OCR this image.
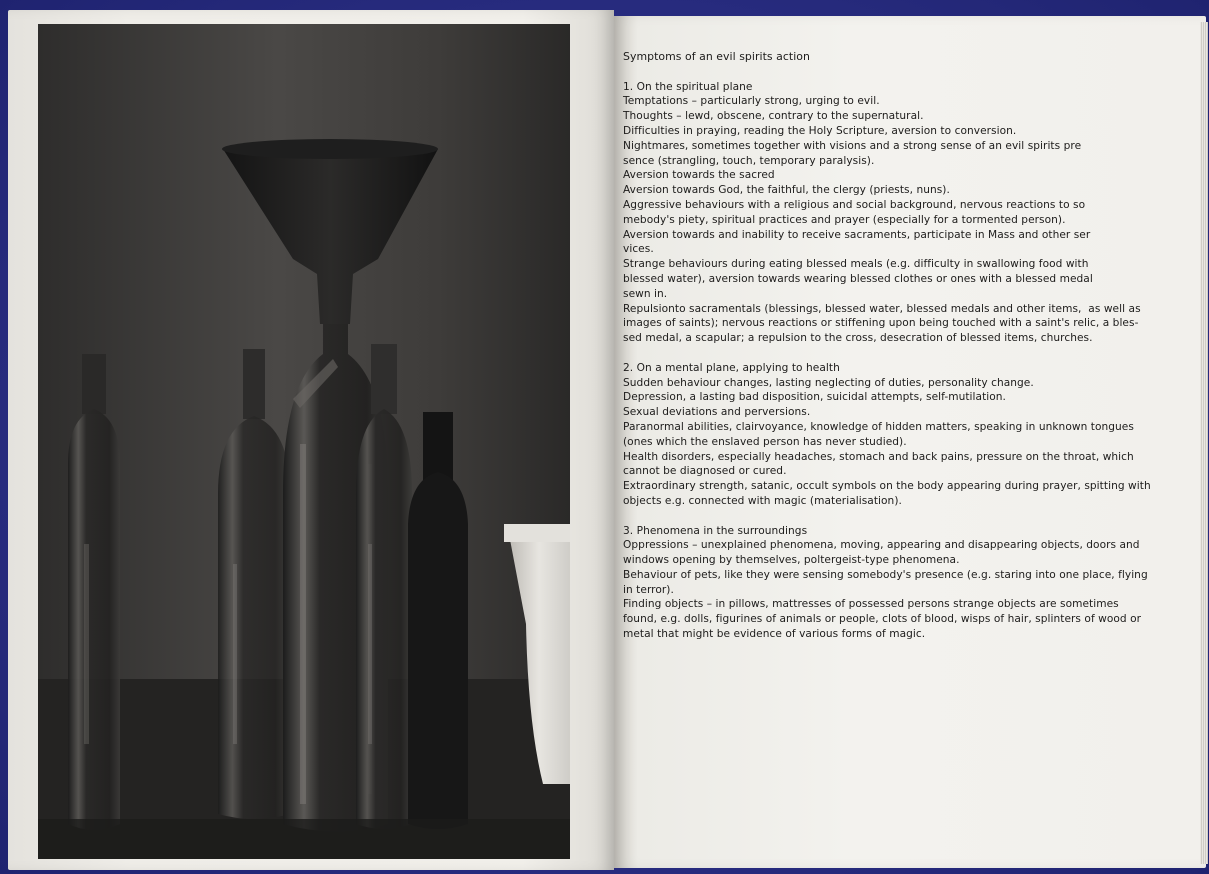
Symptoms of an evil spirits action

1. On the spiritual plane

Temptations – particularly strong, urging to evil.

Thoughts – lewd, obscene, contrary to the supernatural.

Difficulties in praying, reading the Holy Scripture, aversion to conversion.

Nightmares, sometimes together with visions and a strong sense of an evil spirits pre

sence (strangling, touch, temporary paralysis).

Aversion towards the sacred

Aversion towards God, the faithful, the clergy (priests, nuns).

Aggressive behaviours with a religious and social background, nervous reactions to so

mebody's piety, spiritual practices and prayer (especially for a tormented person).

Aversion towards and inability to receive sacraments, participate in Mass and other ser

vices.

Strange behaviours during eating blessed meals (e.g. difficulty in swallowing food with

blessed water), aversion towards wearing blessed clothes or ones with a blessed medal

sewn in.

Repulsionto sacramentals (blessings, blessed water, blessed medals and other items,  as well as

images of saints); nervous reactions or stiffening upon being touched with a saint's relic, a bles-

sed medal, a scapular; a repulsion to the cross, desecration of blessed items, churches.

2. On a mental plane, applying to health

Sudden behaviour changes, lasting neglecting of duties, personality change.

Depression, a lasting bad disposition, suicidal attempts, self-mutilation.

Sexual deviations and perversions.

Paranormal abilities, clairvoyance, knowledge of hidden matters, speaking in unknown tongues

(ones which the enslaved person has never studied).

Health disorders, especially headaches, stomach and back pains, pressure on the throat, which

cannot be diagnosed or cured.

Extraordinary strength, satanic, occult symbols on the body appearing during prayer, spitting with

objects e.g. connected with magic (materialisation).

3. Phenomena in the surroundings

Oppressions – unexplained phenomena, moving, appearing and disappearing objects, doors and

windows opening by themselves, poltergeist-type phenomena.

Behaviour of pets, like they were sensing somebody's presence (e.g. staring into one place, flying

in terror).

Finding objects – in pillows, mattresses of possessed persons strange objects are sometimes

found, e.g. dolls, figurines of animals or people, clots of blood, wisps of hair, splinters of wood or

metal that might be evidence of various forms of magic.
